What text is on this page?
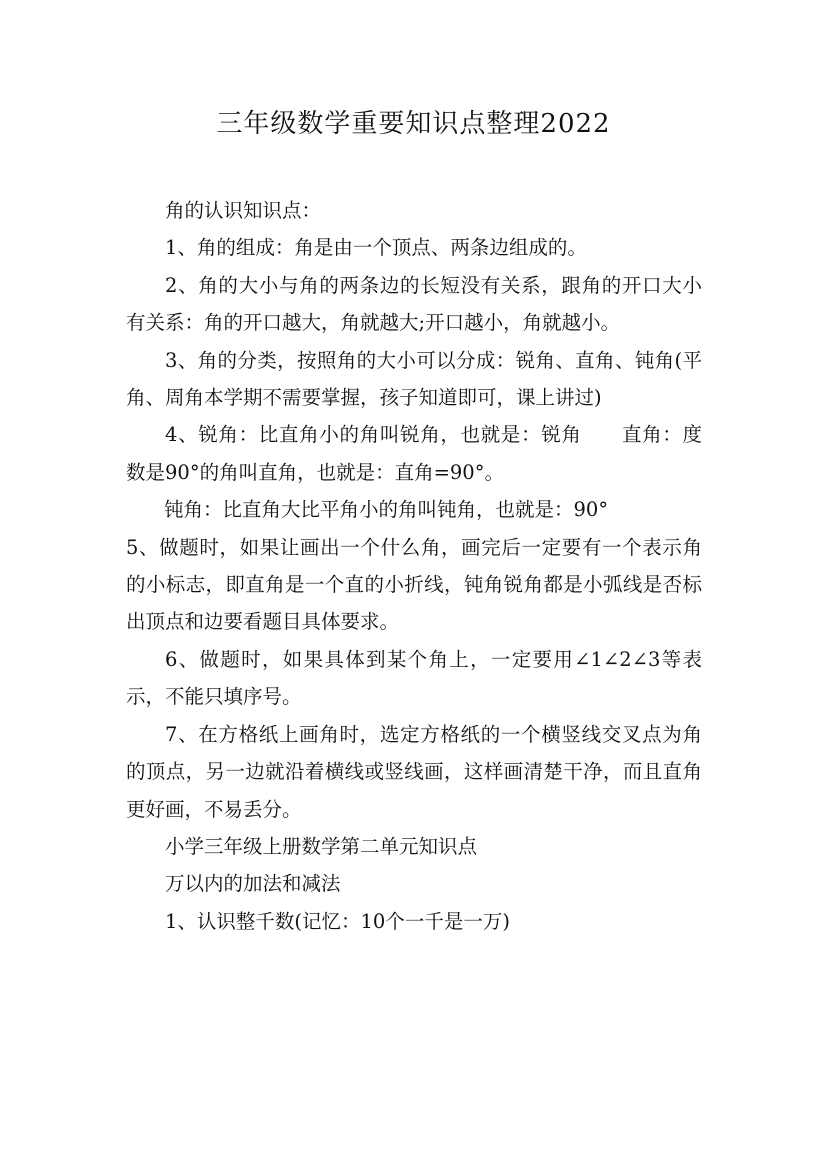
三年级数学重要知识点整理2022

角的认识知识点：

1、角的组成：角是由一个顶点、两条边组成的。

2、角的大小与角的两条边的长短没有关系，跟角的开口大小有关系：角的开口越大，角就越大;开口越小，角就越小。

3、角的分类，按照角的大小可以分成：锐角、直角、钝角(平角、周角本学期不需要掌握，孩子知道即可，课上讲过)

4、锐角：比直角小的角叫锐角，也就是：锐角　　直角：度数是90°的角叫直角，也就是：直角=90°。

钝角：比直角大比平角小的角叫钝角，也就是：90°

5、做题时，如果让画出一个什么角，画完后一定要有一个表示角的小标志，即直角是一个直的小折线，钝角锐角都是小弧线是否标出顶点和边要看题目具体要求。

6、做题时，如果具体到某个角上，一定要用∠1∠2∠3等表示，不能只填序号。

7、在方格纸上画角时，选定方格纸的一个横竖线交叉点为角的顶点，另一边就沿着横线或竖线画，这样画清楚干净，而且直角更好画，不易丢分。

小学三年级上册数学第二单元知识点

万以内的加法和减法

1、认识整千数(记忆：10个一千是一万)
